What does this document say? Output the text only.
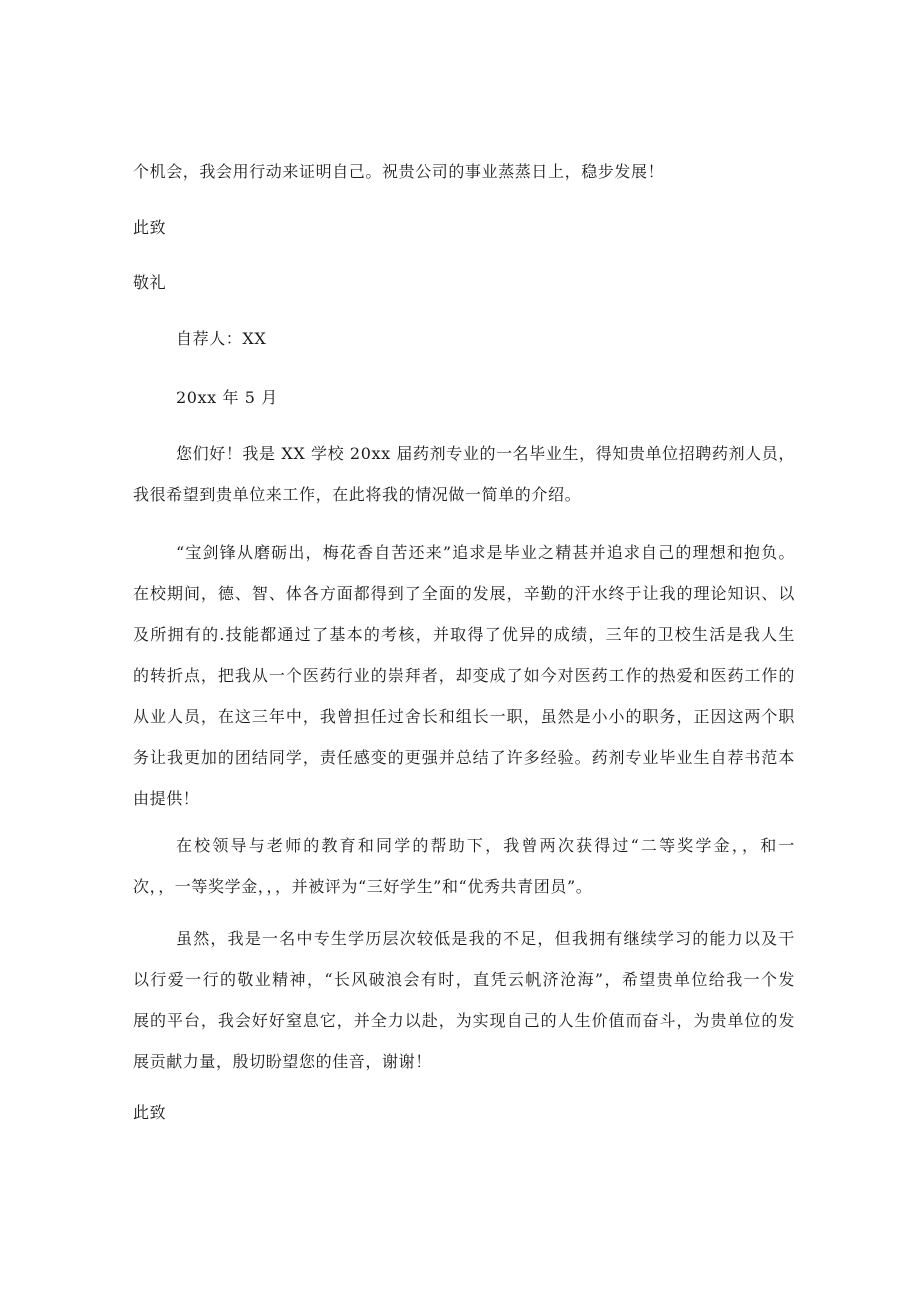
个机会，我会用行动来证明自己。祝贵公司的事业蒸蒸日上，稳步发展！
此致
敬礼
自荐人：XX
20xx 年 5 月
您们好！我是 XX 学校 20xx 届药剂专业的一名毕业生，得知贵单位招聘药剂人员，
我很希望到贵单位来工作，在此将我的情况做一简单的介绍。
“宝剑锋从磨砺出，梅花香自苦还来”追求是毕业之精甚并追求自己的理想和抱负。
在校期间，德、智、体各方面都得到了全面的发展，辛勤的汗水终于让我的理论知识、以
及所拥有的.技能都通过了基本的考核，并取得了优异的成绩，三年的卫校生活是我人生
的转折点，把我从一个医药行业的崇拜者，却变成了如今对医药工作的热爱和医药工作的
从业人员，在这三年中，我曾担任过舍长和组长一职，虽然是小小的职务，正因这两个职
务让我更加的团结同学，责任感变的更强并总结了许多经验。药剂专业毕业生自荐书范本
由提供！
在校领导与老师的教育和同学的帮助下，我曾两次获得过“二等奖学金，，和一
次，，一等奖学金，，，并被评为“三好学生”和“优秀共青团员”。
虽然，我是一名中专生学历层次较低是我的不足，但我拥有继续学习的能力以及干
以行爱一行的敬业精神，“长风破浪会有时，直凭云帆济沧海”，希望贵单位给我一个发
展的平台，我会好好窒息它，并全力以赴，为实现自己的人生价值而奋斗，为贵单位的发
展贡献力量，殷切盼望您的佳音，谢谢！
此致
